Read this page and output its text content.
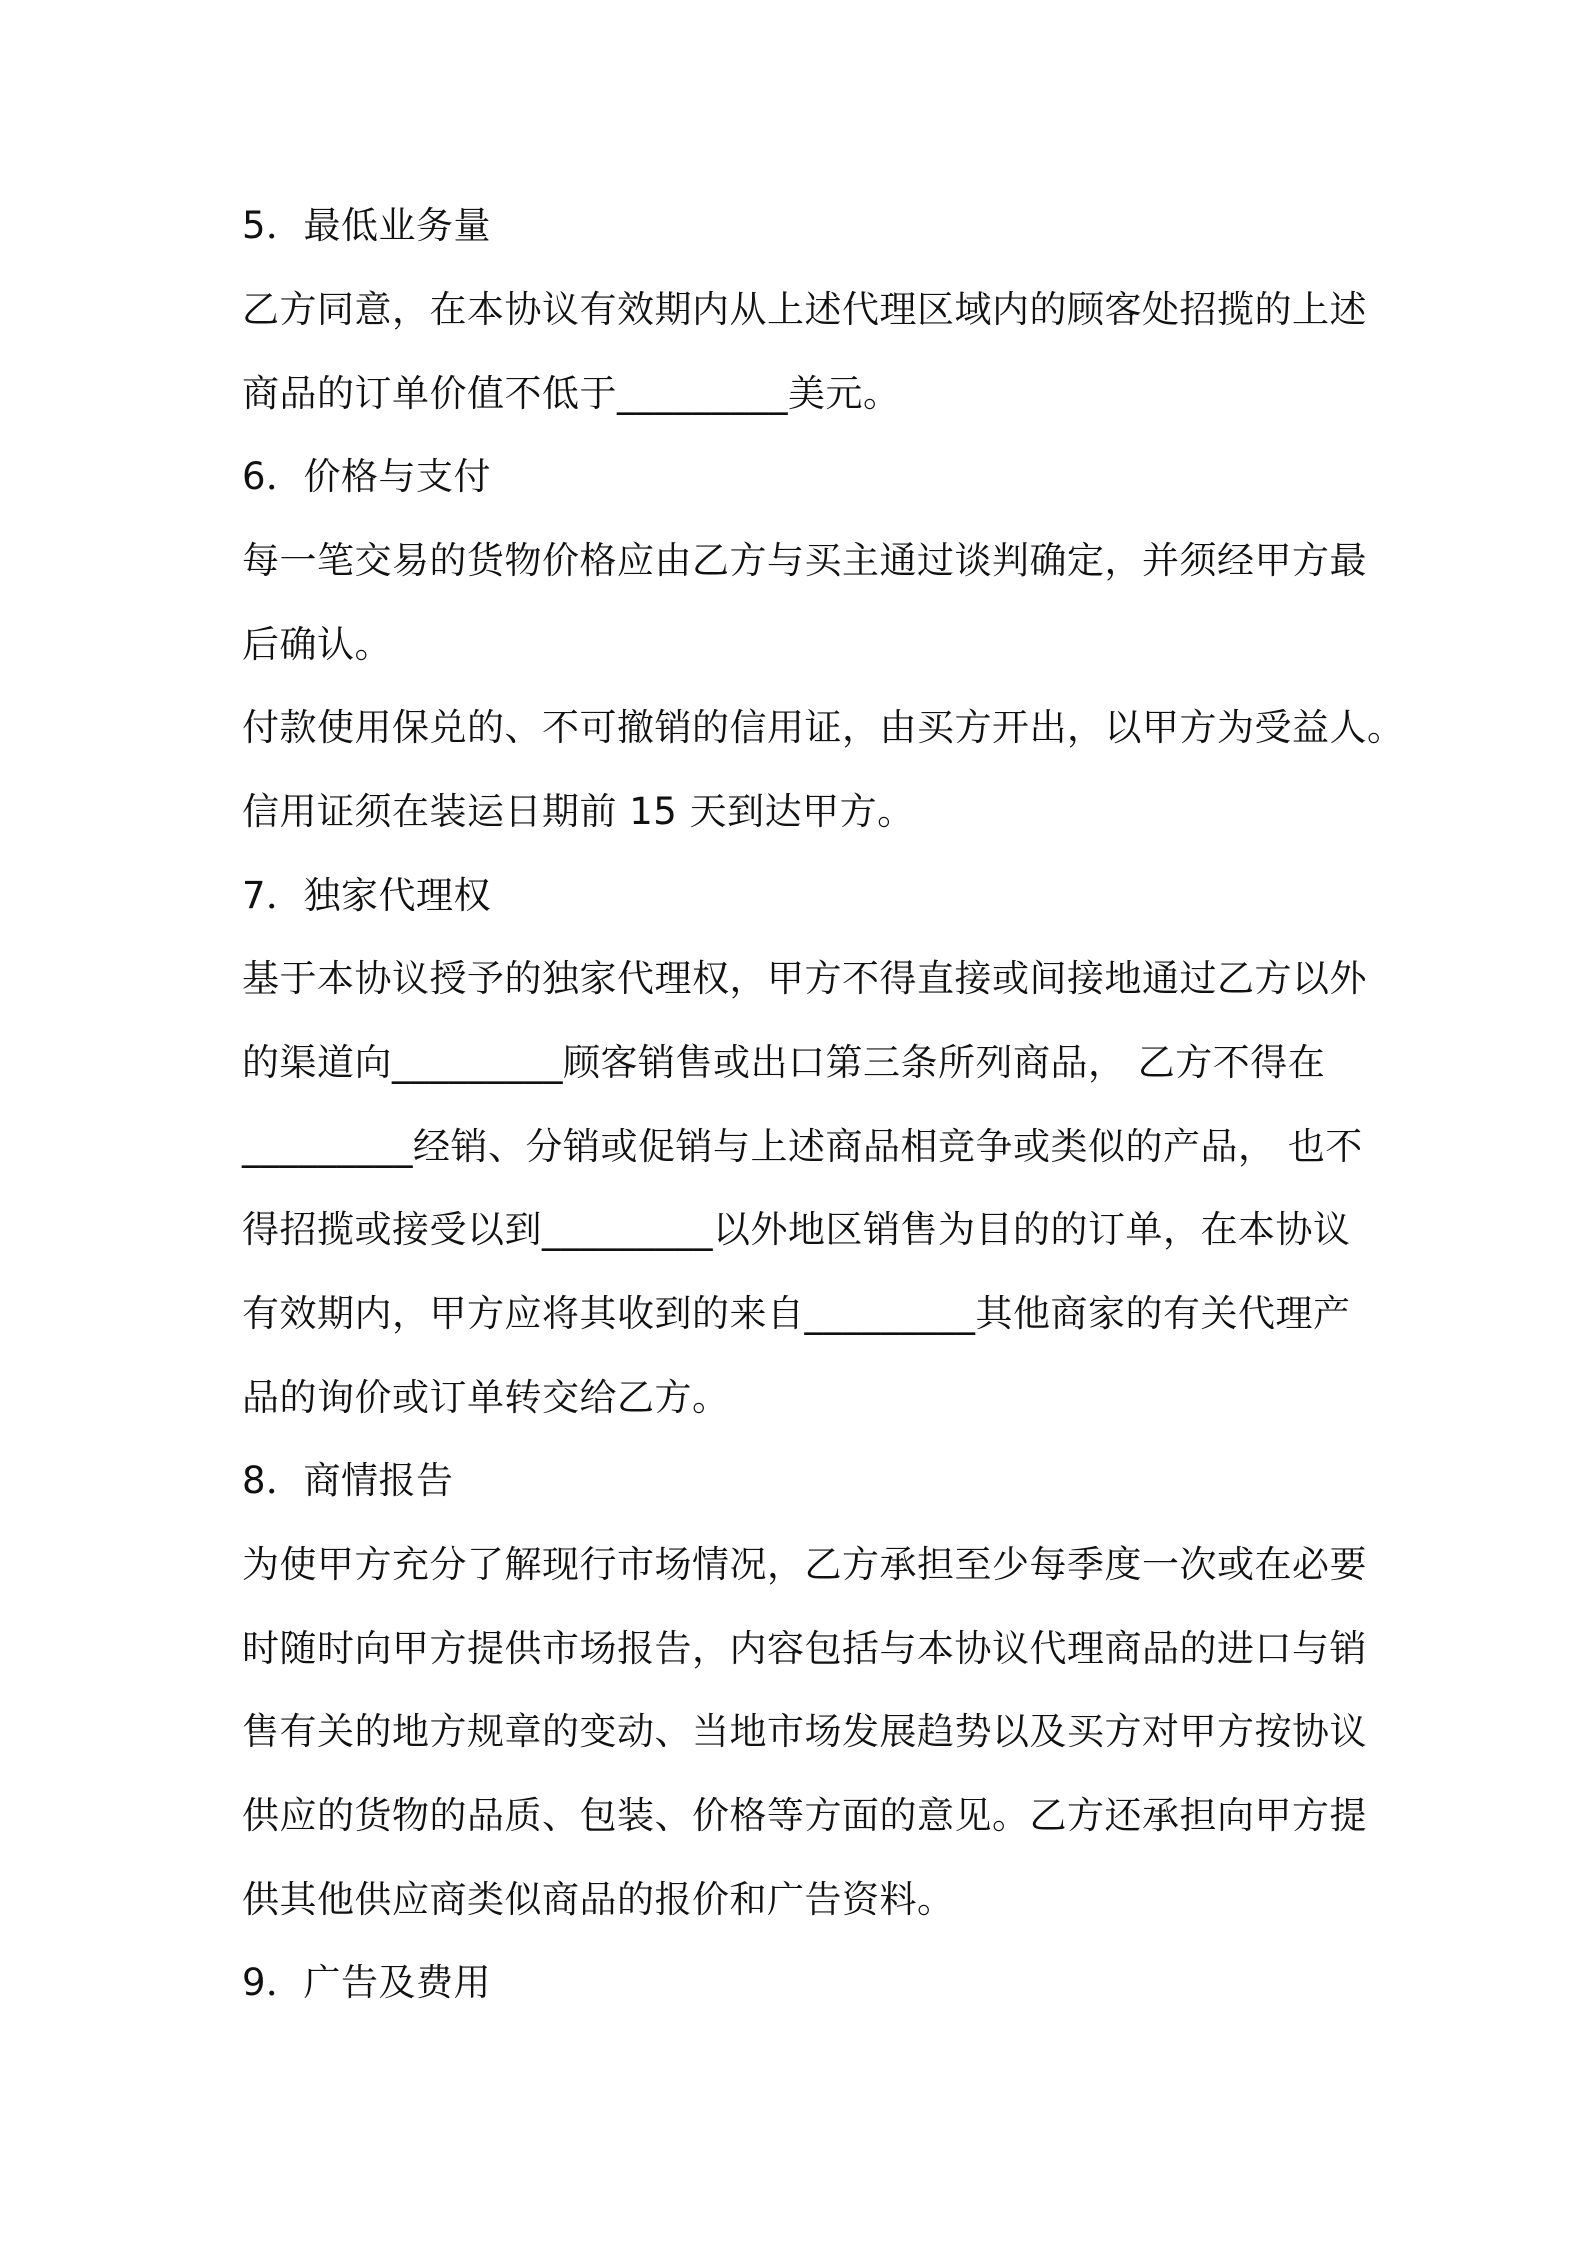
5．最低业务量
乙方同意，在本协议有效期内从上述代理区域内的顾客处招揽的上述
商品的订单价值不低于_________美元。
6．价格与支付
每一笔交易的货物价格应由乙方与买主通过谈判确定，并须经甲方最
后确认。
付款使用保兑的、不可撤销的信用证，由买方开出，以甲方为受益人。
信用证须在装运日期前 15 天到达甲方。
7．独家代理权
基于本协议授予的独家代理权，甲方不得直接或间接地通过乙方以外
的渠道向_________顾客销售或出口第三条所列商品， 乙方不得在
_________经销、分销或促销与上述商品相竞争或类似的产品， 也不
得招揽或接受以到_________以外地区销售为目的的订单，在本协议
有效期内，甲方应将其收到的来自_________其他商家的有关代理产
品的询价或订单转交给乙方。
8．商情报告
为使甲方充分了解现行市场情况，乙方承担至少每季度一次或在必要
时随时向甲方提供市场报告，内容包括与本协议代理商品的进口与销
售有关的地方规章的变动、当地市场发展趋势以及买方对甲方按协议
供应的货物的品质、包装、价格等方面的意见。乙方还承担向甲方提
供其他供应商类似商品的报价和广告资料。
9．广告及费用
